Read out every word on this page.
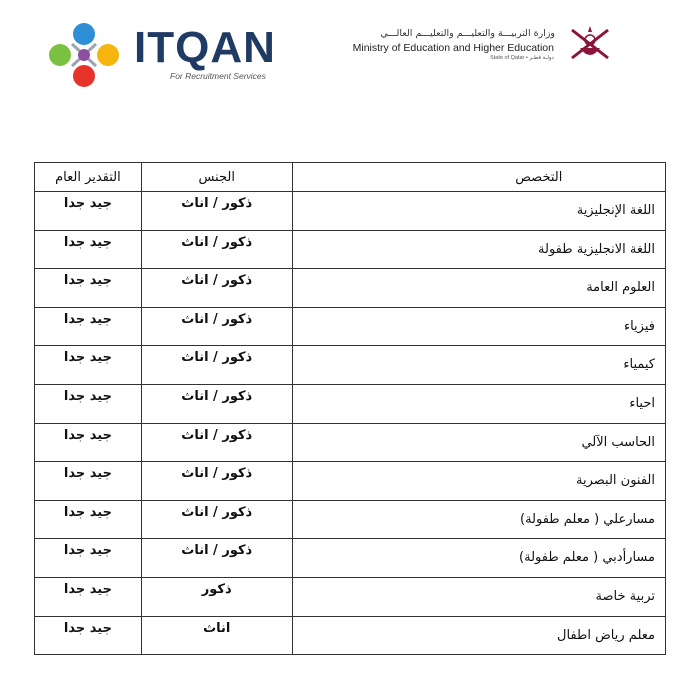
ITQAN
For Recruitment Services
وزارة التربيـــة والتعليـــم والتعليـــم العالـــي
Ministry of Education and Higher Education
State of Qatar • دولـة قطـر
التخصص	الجنس	التقدير العام
اللغة الإنجليزية	ذكور / اناث	جيد جدا
اللغة الانجليزية طفولة	ذكور / اناث	جيد جدا
العلوم العامة	ذكور / اناث	جيد جدا
فيزياء	ذكور / اناث	جيد جدا
كيمياء	ذكور / اناث	جيد جدا
احياء	ذكور / اناث	جيد جدا
الحاسب الآلي	ذكور / اناث	جيد جدا
الفنون البصرية	ذكور / اناث	جيد جدا
مسارعلي ( معلم طفولة)	ذكور / اناث	جيد جدا
مسارأدبي ( معلم طفولة)	ذكور / اناث	جيد جدا
تربية خاصة	ذكور	جيد جدا
معلم رياض اطفال	اناث	جيد جدا
